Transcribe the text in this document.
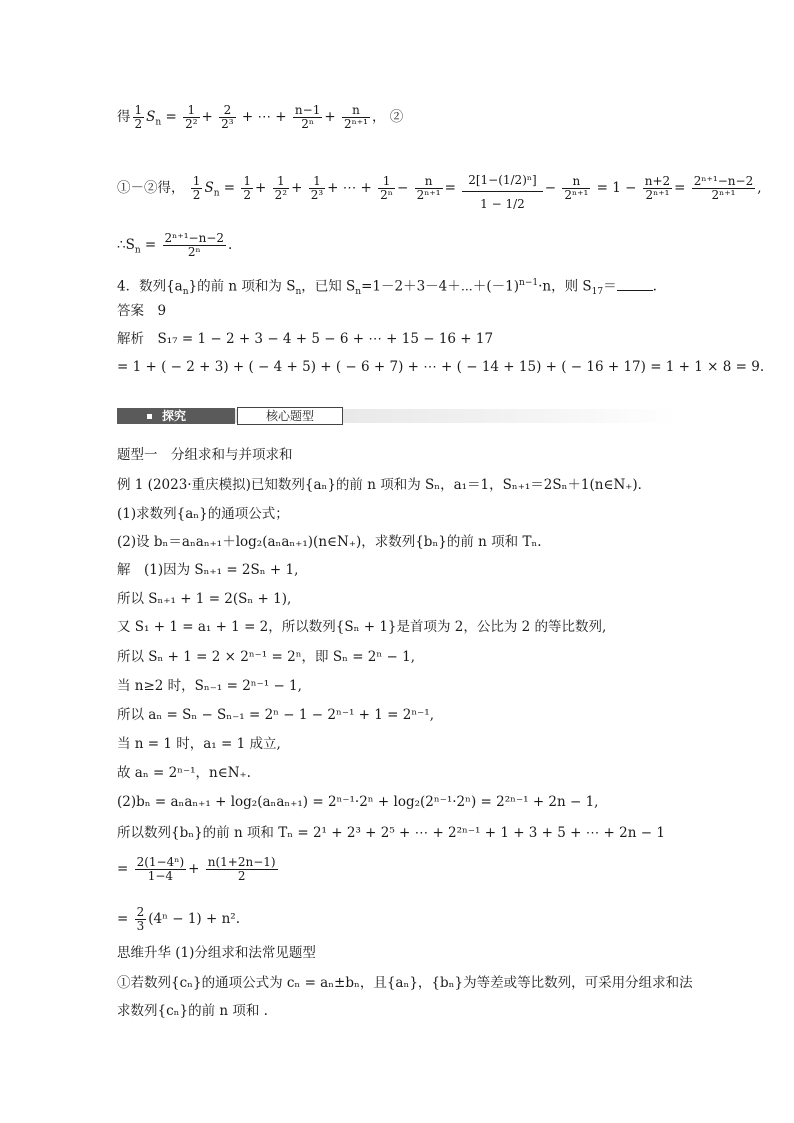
得 $\frac{1}{2} S_n = \frac{1}{\text{2²}} + \frac{2}{\text{2³}}$ + ⋯ + $\frac{n-1}{\text{2ⁿ}} + \frac{n}{\text{2ⁿ⁺¹}}$ ， ②
①－②得， $\frac{1}{2} S_n = \frac{1}{2} + \frac{1}{\text{2²}} + \frac{1}{\text{2³}}$ + ⋯ + $\frac{1}{\text{2ⁿ}} - \frac{n}{\text{2ⁿ⁺¹}} = \frac{\text{2[1−(1/2)ⁿ]}}{1 - 1/2} - \frac{n}{\text{2ⁿ⁺¹}} = 1 - \frac{n+2}{\text{2ⁿ⁺¹}} = \frac{\text{2ⁿ⁺¹−n−2}}{\text{2ⁿ⁺¹}}$ ,
$\therefore S_n = \frac{\text{2ⁿ⁺¹−n−2}}{\text{2ⁿ}}$ .
4．数列$\{a_n\}$的前 n 项和为 $S_n$，已知 $S_n=1-2+3-4+\cdots+(-1)^{n-1}\cdot n$，则 $S_{17}=$	.
答案　9
解析　S₁₇ = 1 − 2 + 3 − 4 + 5 − 6 + ⋯ + 15 − 16 + 17
= 1 + ( − 2 + 3) + ( − 4 + 5) + ( − 6 + 7) + ⋯ + ( − 14 + 15) + ( − 16 + 17) = 1 + 1 × 8 = 9.
探究	核心题型
题型一　分组求和与并项求和
例 1 (2023·重庆模拟)已知数列{aₙ}的前 n 项和为 Sₙ，a₁＝1，Sₙ₊₁＝2Sₙ＋1(n∈N₊)．
(1)求数列{aₙ}的通项公式；
(2)设 bₙ＝aₙaₙ₊₁＋log₂(aₙaₙ₊₁)(n∈N₊)，求数列{bₙ}的前 n 项和 Tₙ.
解　(1)因为 Sₙ₊₁ = 2Sₙ + 1,
所以 Sₙ₊₁ + 1 = 2(Sₙ + 1),
又 S₁ + 1 = a₁ + 1 = 2，所以数列{Sₙ + 1}是首项为 2，公比为 2 的等比数列,
所以 Sₙ + 1 = 2 × 2ⁿ⁻¹ = 2ⁿ，即 Sₙ = 2ⁿ − 1,
当 n≥2 时，Sₙ₋₁ = 2ⁿ⁻¹ − 1,
所以 aₙ = Sₙ − Sₙ₋₁ = 2ⁿ − 1 − 2ⁿ⁻¹ + 1 = 2ⁿ⁻¹,
当 n = 1 时，a₁ = 1 成立,
故 aₙ = 2ⁿ⁻¹，n∈N₊.
(2)bₙ = aₙaₙ₊₁ + log₂(aₙaₙ₊₁) = 2ⁿ⁻¹·2ⁿ + log₂(2ⁿ⁻¹·2ⁿ) = 2²ⁿ⁻¹ + 2n − 1,
所以数列{bₙ}的前 n 项和 Tₙ = 2¹ + 2³ + 2⁵ + ⋯ + 2²ⁿ⁻¹ + 1 + 3 + 5 + ⋯ + 2n − 1
= $\frac{\text{2(1−4ⁿ)}}{1-4} + \frac{n(1+2n-1)}{2}$
= $\frac{2}{3} (4^n - 1) + n^2$.
思维升华 (1)分组求和法常见题型
①若数列{cₙ}的通项公式为 cₙ = aₙ±bₙ，且{aₙ}，{bₙ}为等差或等比数列，可采用分组求和法
求数列{cₙ}的前 n 项和 .
